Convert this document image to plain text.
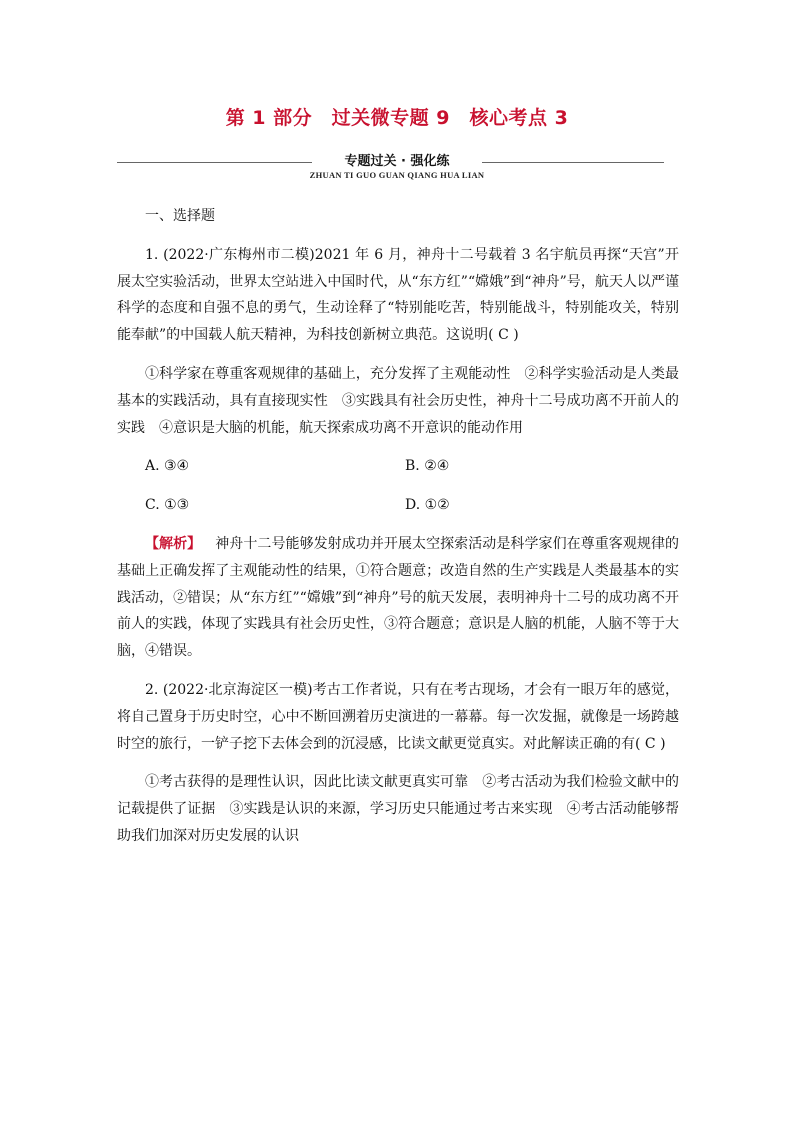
第 1 部分　过关微专题 9　核心考点 3
专题过关 · 强化练
ZHUAN TI GUO GUAN QIANG HUA LIAN

一、选择题

1. (2022·广东梅州市二模)2021 年 6 月，神舟十二号载着 3 名宇航员再探“天宫”开展太空实验活动，世界太空站进入中国时代，从“东方红”“嫦娥”到“神舟”号，航天人以严谨科学的态度和自强不息的勇气，生动诠释了“特别能吃苦，特别能战斗，特别能攻关，特别能奉献”的中国载人航天精神，为科技创新树立典范。这说明( C )

①科学家在尊重客观规律的基础上，充分发挥了主观能动性　②科学实验活动是人类最基本的实践活动，具有直接现实性　③实践具有社会历史性，神舟十二号成功离不开前人的实践　④意识是大脑的机能，航天探索成功离不开意识的能动作用

A. ③④	B. ②④
C. ①③	D. ①②

【解析】 神舟十二号能够发射成功并开展太空探索活动是科学家们在尊重客观规律的基础上正确发挥了主观能动性的结果，①符合题意；改造自然的生产实践是人类最基本的实践活动，②错误；从“东方红”“嫦娥”到“神舟”号的航天发展，表明神舟十二号的成功离不开前人的实践，体现了实践具有社会历史性，③符合题意；意识是人脑的机能，人脑不等于大脑，④错误。

2. (2022·北京海淀区一模)考古工作者说，只有在考古现场，才会有一眼万年的感觉，将自己置身于历史时空，心中不断回溯着历史演进的一幕幕。每一次发掘，就像是一场跨越时空的旅行，一铲子挖下去体会到的沉浸感，比读文献更觉真实。对此解读正确的有( C )

①考古获得的是理性认识，因此比读文献更真实可靠　②考古活动为我们检验文献中的记载提供了证据　③实践是认识的来源，学习历史只能通过考古来实现　④考古活动能够帮助我们加深对历史发展的认识
